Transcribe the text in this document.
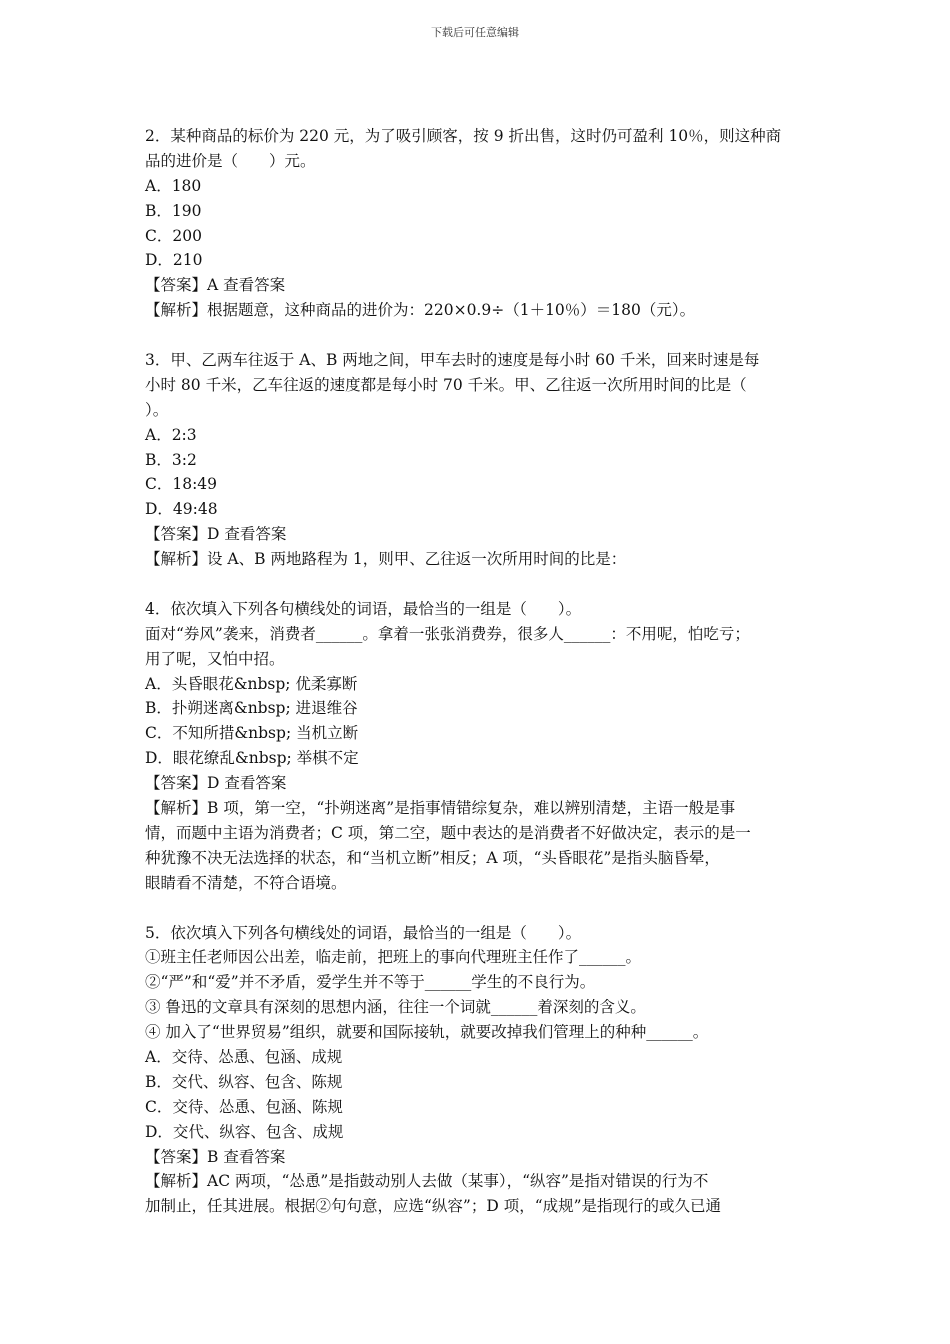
下载后可任意编辑
2．某种商品的标价为 220 元，为了吸引顾客，按 9 折出售，这时仍可盈利 10％，则这种商
品的进价是（　　）元。
A．180
B．190
C．200
D．210
【答案】A 查看答案
【解析】根据题意，这种商品的进价为：220×0.9÷（1＋10％）＝180（元）。
3．甲、乙两车往返于 A、B 两地之间，甲车去时的速度是每小时 60 千米，回来时速是每
小时 80 千米，乙车往返的速度都是每小时 70 千米。甲、乙往返一次所用时间的比是（
）。
A．2:3
B．3:2
C．18:49
D．49:48
【答案】D 查看答案
【解析】设 A、B 两地路程为 1，则甲、乙往返一次所用时间的比是：
4．依次填入下列各句横线处的词语，最恰当的一组是（　　）。
面对“券风”袭来，消费者______。拿着一张张消费券，很多人______：不用呢，怕吃亏；
用了呢，又怕中招。
A．头昏眼花&nbsp; 优柔寡断
B．扑朔迷离&nbsp; 进退维谷
C．不知所措&nbsp; 当机立断
D．眼花缭乱&nbsp; 举棋不定
【答案】D 查看答案
【解析】B 项，第一空，“扑朔迷离”是指事情错综复杂，难以辨别清楚，主语一般是事
情，而题中主语为消费者；C 项，第二空，题中表达的是消费者不好做决定，表示的是一
种犹豫不决无法选择的状态，和“当机立断”相反；A 项，“头昏眼花”是指头脑昏晕，
眼睛看不清楚，不符合语境。
5．依次填入下列各句横线处的词语，最恰当的一组是（　　）。
①班主任老师因公出差，临走前，把班上的事向代理班主任作了______。
②“严”和“爱”并不矛盾，爱学生并不等于______学生的不良行为。
③ 鲁迅的文章具有深刻的思想内涵，往往一个词就______着深刻的含义。
④ 加入了“世界贸易”组织，就要和国际接轨，就要改掉我们管理上的种种______。
A．交待、怂恿、包涵、成规
B．交代、纵容、包含、陈规
C．交待、怂恿、包涵、陈规
D．交代、纵容、包含、成规
【答案】B 查看答案
【解析】AC 两项，“怂恿”是指鼓动别人去做（某事），“纵容”是指对错误的行为不
加制止，任其进展。根据②句句意，应选“纵容”；D 项，“成规”是指现行的或久已通
